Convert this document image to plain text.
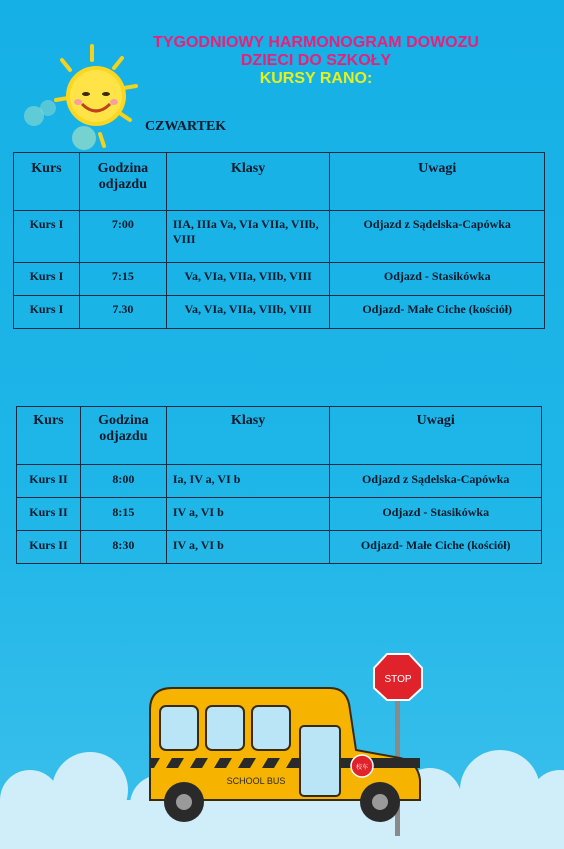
TYGODNIOWY HARMONOGRAM DOWOZU
DZIECI DO SZKOŁY
KURSY RANO:
CZWARTEK
Kurs	Godzina odjazdu	Klasy	Uwagi

Kurs I	7:00	IIA, IIIa Va, VIa VIIa, VIIb, VIII	Odjazd z Sądelska-Capówka
Kurs I	7:15	Va, VIa, VIIa, VIIb, VIII	Odjazd - Stasikówka
Kurs I	7.30	Va, VIa, VIIa, VIIb, VIII	Odjazd- Małe Ciche (kościół)
Kurs	Godzina odjazdu	Klasy	Uwagi

Kurs II	8:00	Ia, IV a, VI b	Odjazd z Sądelska-Capówka
Kurs II	8:15	IV a, VI b	Odjazd - Stasikówka
Kurs II	8:30	IV a, VI b	Odjazd- Małe Ciche (kościół)
STOP
SCHOOL BUS
校车
